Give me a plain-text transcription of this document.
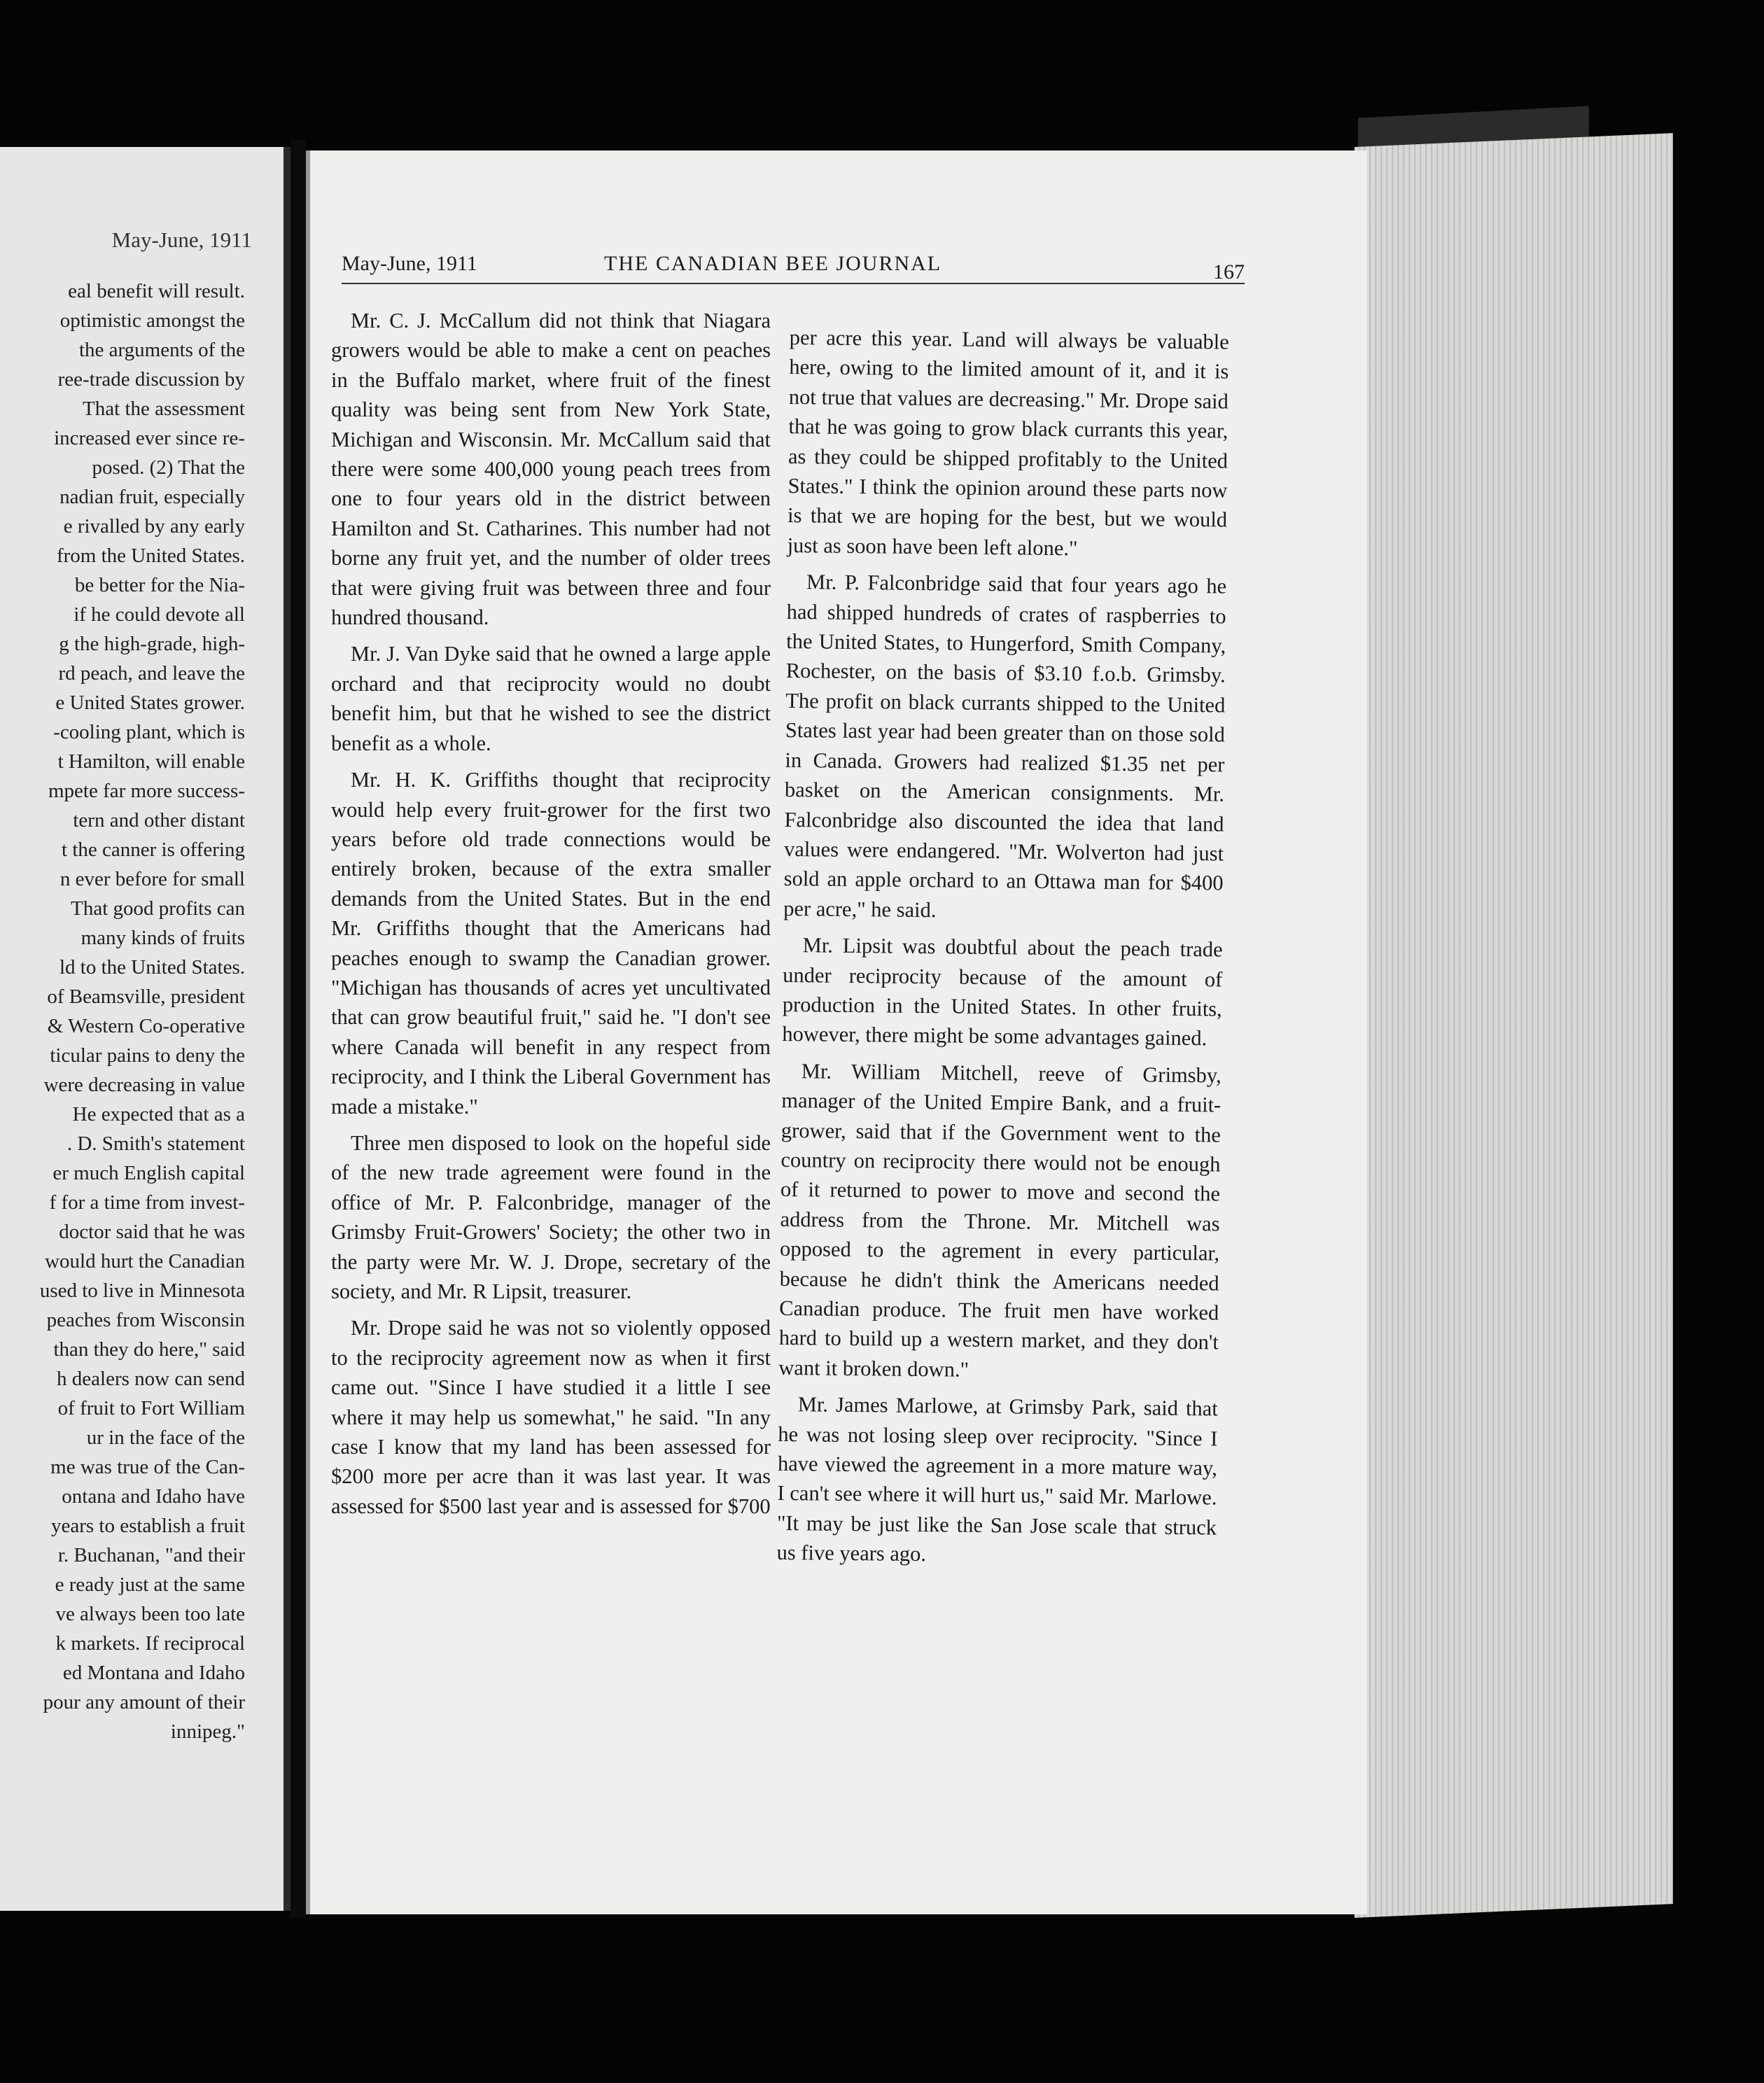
May-June, 1911
eal benefit will result.
optimistic amongst the
the arguments of the
ree-trade discussion by
That the assessment
increased ever since re-
posed. (2) That the
nadian fruit, especially
e rivalled by any early
from the United States.
be better for the Nia-
if he could devote all
g the high-grade, high-
rd peach, and leave the
e United States grower.
-cooling plant, which is
t Hamilton, will enable
mpete far more success-
tern and other distant
t the canner is offering
n ever before for small
That good profits can
many kinds of fruits
ld to the United States.
of Beamsville, president
& Western Co-operative
ticular pains to deny the
were decreasing in value
He expected that as a
. D. Smith's statement
er much English capital
f for a time from invest-
doctor said that he was
would hurt the Canadian
used to live in Minnesota
peaches from Wisconsin
than they do here," said
h dealers now can send
of fruit to Fort William
ur in the face of the
me was true of the Can-
ontana and Idaho have
years to establish a fruit
r. Buchanan, "and their
e ready just at the same
ve always been too late
k markets. If reciprocal
ed Montana and Idaho
pour any amount of their
innipeg."
May-June, 1911	THE CANADIAN BEE JOURNAL	167

Mr. C. J. McCallum did not think that Niagara growers would be able to make a cent on peaches in the Buffalo market, where fruit of the finest quality was being sent from New York State, Michigan and Wisconsin. Mr. McCallum said that there were some 400,000 young peach trees from one to four years old in the district between Hamilton and St. Catharines. This number had not borne any fruit yet, and the number of older trees that were giving fruit was between three and four hundred thousand.

Mr. J. Van Dyke said that he owned a large apple orchard and that reciprocity would no doubt benefit him, but that he wished to see the district benefit as a whole.

Mr. H. K. Griffiths thought that reciprocity would help every fruit-grower for the first two years before old trade connections would be entirely broken, because of the extra smaller demands from the United States. But in the end Mr. Griffiths thought that the Americans had peaches enough to swamp the Canadian grower. "Michigan has thousands of acres yet uncultivated that can grow beautiful fruit," said he. "I don't see where Canada will benefit in any respect from reciprocity, and I think the Liberal Government has made a mistake."

Three men disposed to look on the hopeful side of the new trade agreement were found in the office of Mr. P. Falconbridge, manager of the Grimsby Fruit-Growers' Society; the other two in the party were Mr. W. J. Drope, secretary of the society, and Mr. R Lipsit, treasurer.

Mr. Drope said he was not so violently opposed to the reciprocity agreement now as when it first came out. "Since I have studied it a little I see where it may help us somewhat," he said. "In any case I know that my land has been assessed for $200 more per acre than it was last year. It was assessed for $500 last year and is assessed for $700

per acre this year. Land will always be valuable here, owing to the limited amount of it, and it is not true that values are decreasing." Mr. Drope said that he was going to grow black currants this year, as they could be shipped profitably to the United States." I think the opinion around these parts now is that we are hoping for the best, but we would just as soon have been left alone."

Mr. P. Falconbridge said that four years ago he had shipped hundreds of crates of raspberries to the United States, to Hungerford, Smith Company, Rochester, on the basis of $3.10 f.o.b. Grimsby. The profit on black currants shipped to the United States last year had been greater than on those sold in Canada. Growers had realized $1.35 net per basket on the American consignments. Mr. Falconbridge also discounted the idea that land values were endangered. "Mr. Wolverton had just sold an apple orchard to an Ottawa man for $400 per acre," he said.

Mr. Lipsit was doubtful about the peach trade under reciprocity because of the amount of production in the United States. In other fruits, however, there might be some advantages gained.

Mr. William Mitchell, reeve of Grimsby, manager of the United Empire Bank, and a fruit-grower, said that if the Government went to the country on reciprocity there would not be enough of it returned to power to move and second the address from the Throne. Mr. Mitchell was opposed to the agrement in every particular, because he didn't think the Americans needed Canadian produce. The fruit men have worked hard to build up a western market, and they don't want it broken down."

Mr. James Marlowe, at Grimsby Park, said that he was not losing sleep over reciprocity. "Since I have viewed the agreement in a more mature way, I can't see where it will hurt us," said Mr. Marlowe. "It may be just like the San Jose scale that struck us five years ago.
